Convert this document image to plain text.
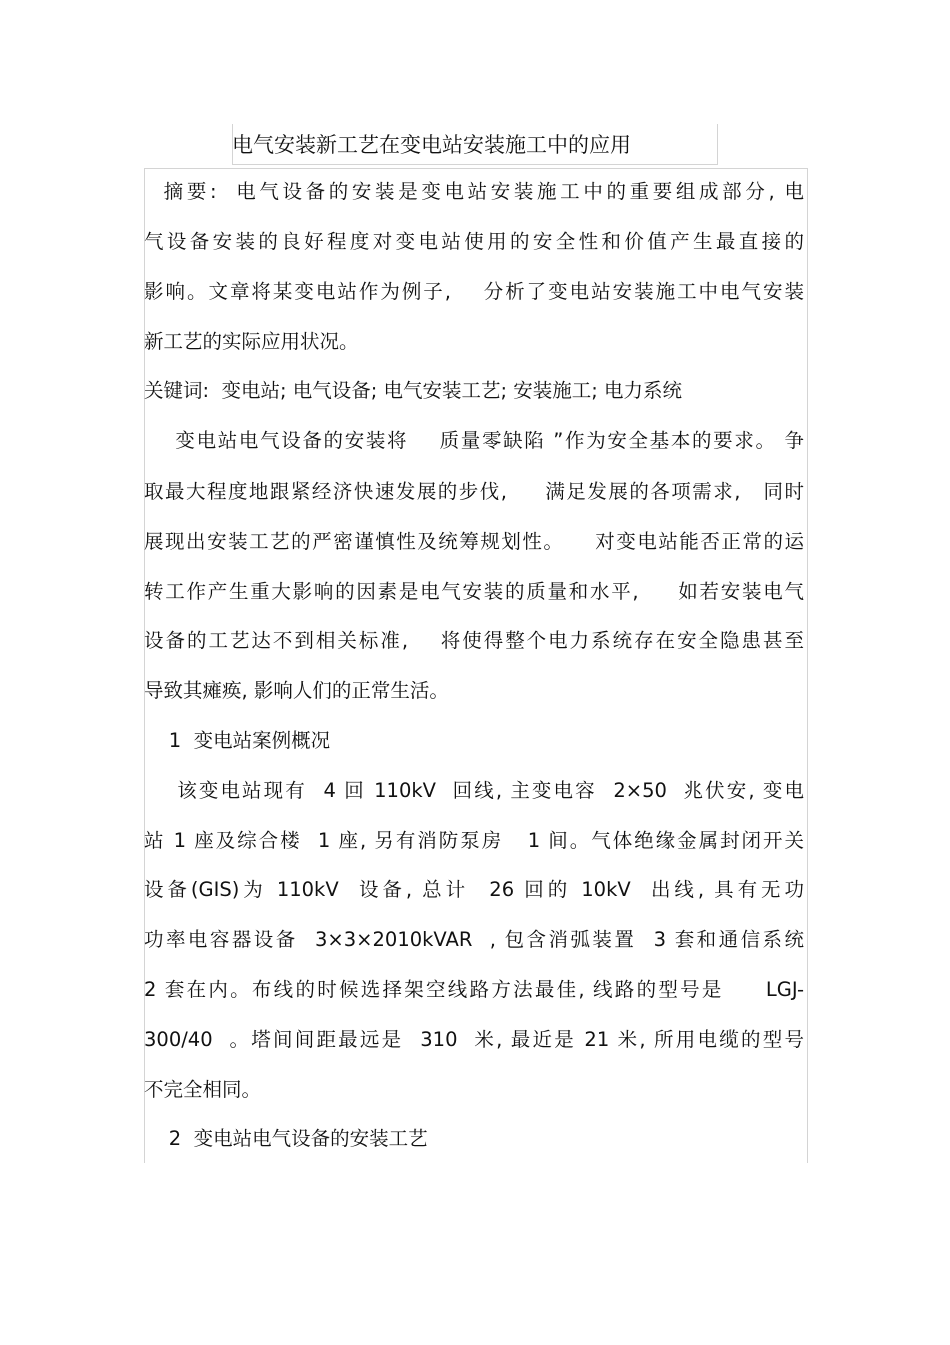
电气安装新工艺在变电站安装施工中的应用
摘要:  电气设备的安装是变电站安装施工中的重要组成部分, 电
气设备安装的良好程度对变电站使用的安全性和价值产生最直接的
影响。文章将某变电站作为例子,    分析了变电站安装施工中电气安装
新工艺的实际应用状况。
关键词:  变电站; 电气设备; 电气安装工艺; 安装施工; 电力系统
变电站电气设备的安装将    质量零缺陷 ”作为安全基本的要求。 争
取最大程度地跟紧经济快速发展的步伐,     满足发展的各项需求,   同时
展现出安装工艺的严密谨慎性及统筹规划性。    对变电站能否正常的运
转工作产生重大影响的因素是电气安装的质量和水平,     如若安装电气
设备的工艺达不到相关标准,    将使得整个电力系统存在安全隐患甚至
导致其瘫痪, 影响人们的正常生活。
1  变电站案例概况
该变电站现有  4 回 110kV  回线, 主变电容  2×50  兆伏安, 变电
站 1 座及综合楼  1 座, 另有消防泵房   1 间。气体绝缘金属封闭开关
设备(GIS)为 110kV  设备, 总计  26 回的 10kV  出线, 具有无功
功率电容器设备  3×3×2010kVAR  , 包含消弧装置  3 套和通信系统
2 套在内。布线的时候选择架空线路方法最佳, 线路的型号是     LGJ-
300/40  。塔间间距最远是  310  米, 最近是 21 米, 所用电缆的型号
不完全相同。
2  变电站电气设备的安装工艺
